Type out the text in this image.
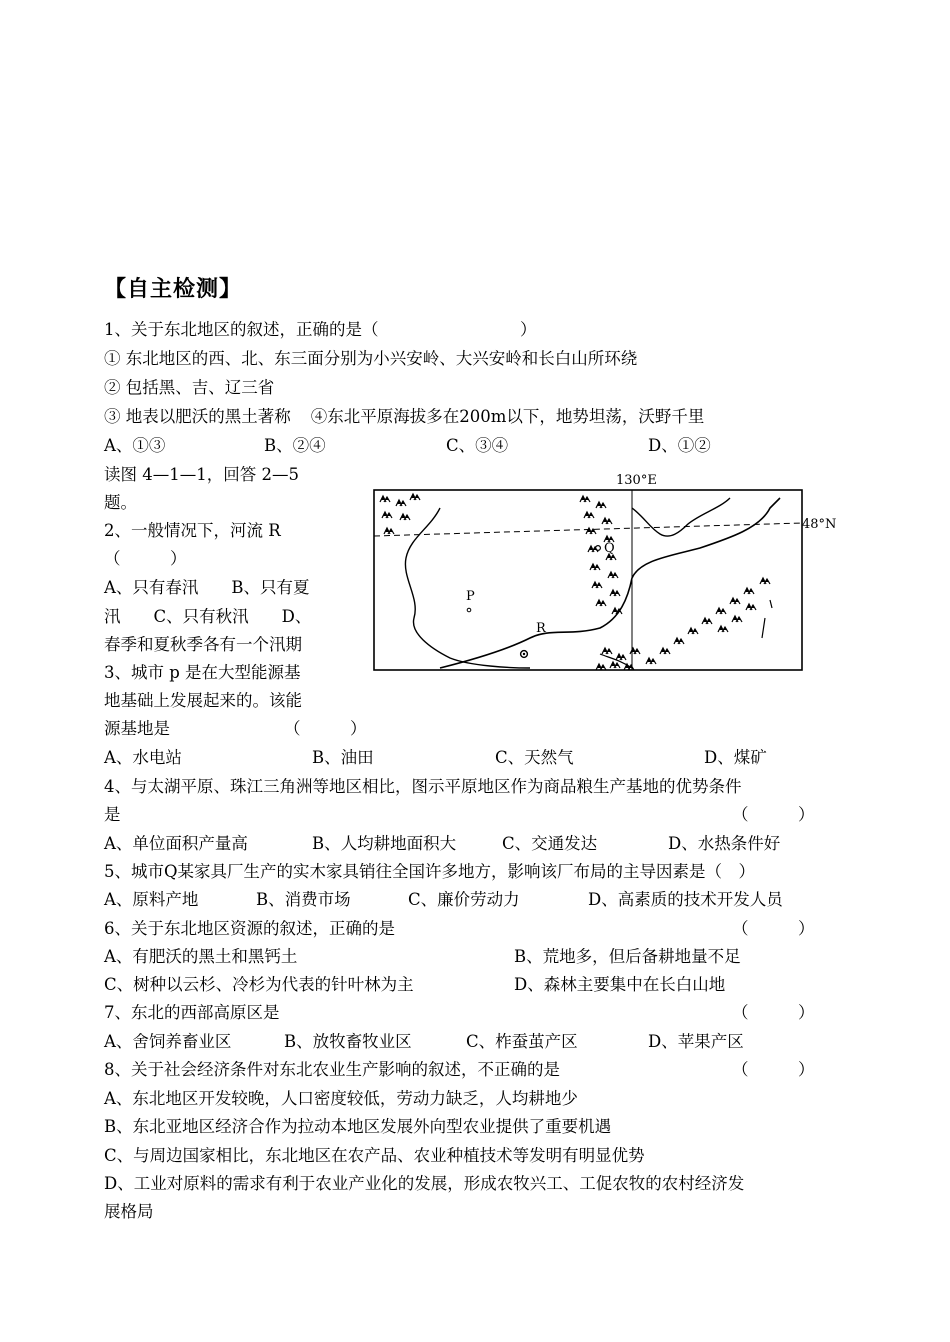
【自主检测】
1、关于东北地区的叙述，正确的是（	）
① 东北地区的西、北、东三面分别为小兴安岭、大兴安岭和长白山所环绕
② 包括黑、吉、辽三省
③ 地表以肥沃的黑土著称 ④东北平原海拔多在200m以下，地势坦荡，沃野千里
A、①③	B、②④	C、③④	D、①②
读图 4—1—1，回答 2—5
题。
2、一般情况下，河流 R
（　　　）
A、只有春汛　　B、只有夏
汛　　C、只有秋汛　　D、
春季和夏秋季各有一个汛期
3、城市 p 是在大型能源基
地基础上发展起来的。该能
源基地是	（　　　）
A、水电站	B、油田	C、天然气	D、煤矿
4、与太湖平原、珠江三角洲等地区相比，图示平原地区作为商品粮生产基地的优势条件
是	（　　　）
A、单位面积产量高	B、人均耕地面积大	C、交通发达	D、水热条件好
5、城市Q某家具厂生产的实木家具销往全国许多地方，影响该厂布局的主导因素是（　）
A、原料产地	B、消费市场	C、廉价劳动力	D、高素质的技术开发人员
6、关于东北地区资源的叙述，正确的是	（　　　）
A、有肥沃的黑土和黑钙土	B、荒地多，但后备耕地量不足
C、树种以云杉、冷杉为代表的针叶林为主	D、森林主要集中在长白山地
7、东北的西部高原区是	（　　　）
A、舍饲养畜业区	B、放牧畜牧业区	C、柞蚕茧产区	D、苹果产区
8、关于社会经济条件对东北农业生产影响的叙述，不正确的是	（　　　）
A、东北地区开发较晚，人口密度较低，劳动力缺乏，人均耕地少
B、东北亚地区经济合作为拉动本地区发展外向型农业提供了重要机遇
C、与周边国家相比，东北地区在农产品、农业种植技术等发明有明显优势
D、工业对原料的需求有利于农业产业化的发展，形成农牧兴工、工促农牧的农村经济发
展格局
130°E
48°N
P
Q
R
